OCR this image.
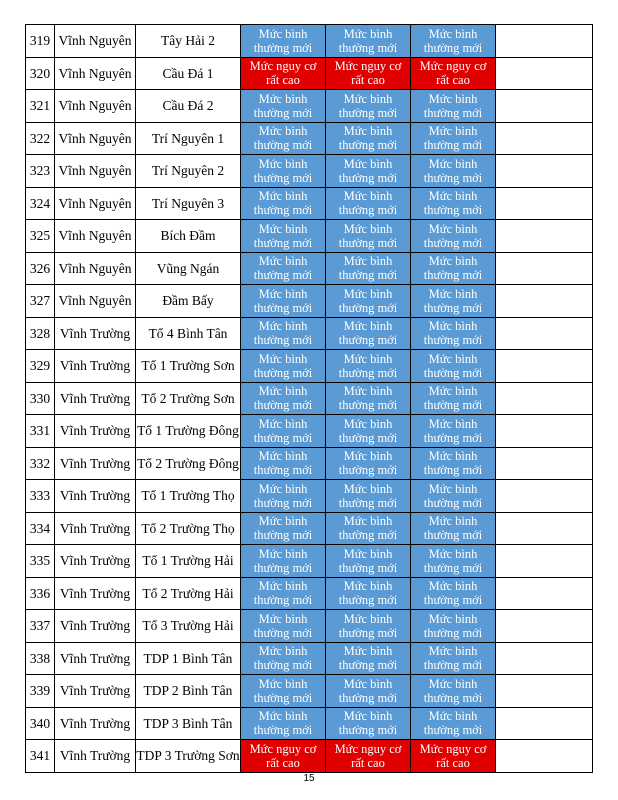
319	Vĩnh Nguyên	Tây Hải 2	Mức bình
thường mới	Mức bình
thường mới	Mức bình
thường mới	
320	Vĩnh Nguyên	Cầu Đá 1	Mức nguy cơ
rất cao	Mức nguy cơ
rất cao	Mức nguy cơ
rất cao	
321	Vĩnh Nguyên	Cầu Đá 2	Mức bình
thường mới	Mức bình
thường mới	Mức bình
thường mới	
322	Vĩnh Nguyên	Trí Nguyên 1	Mức bình
thường mới	Mức bình
thường mới	Mức bình
thường mới	
323	Vĩnh Nguyên	Trí Nguyên 2	Mức bình
thường mới	Mức bình
thường mới	Mức bình
thường mới	
324	Vĩnh Nguyên	Trí Nguyên 3	Mức bình
thường mới	Mức bình
thường mới	Mức bình
thường mới	
325	Vĩnh Nguyên	Bích Đầm	Mức bình
thường mới	Mức bình
thường mới	Mức bình
thường mới	
326	Vĩnh Nguyên	Vũng Ngán	Mức bình
thường mới	Mức bình
thường mới	Mức bình
thường mới	
327	Vĩnh Nguyên	Đầm Bấy	Mức bình
thường mới	Mức bình
thường mới	Mức bình
thường mới	
328	Vĩnh Trường	Tổ 4 Bình Tân	Mức bình
thường mới	Mức bình
thường mới	Mức bình
thường mới	
329	Vĩnh Trường	Tổ 1 Trường Sơn	Mức bình
thường mới	Mức bình
thường mới	Mức bình
thường mới	
330	Vĩnh Trường	Tổ 2 Trường Sơn	Mức bình
thường mới	Mức bình
thường mới	Mức bình
thường mới	
331	Vĩnh Trường	Tổ 1 Trường Đông	Mức bình
thường mới	Mức bình
thường mới	Mức bình
thường mới	
332	Vĩnh Trường	Tổ 2 Trường Đông	Mức bình
thường mới	Mức bình
thường mới	Mức bình
thường mới	
333	Vĩnh Trường	Tổ 1 Trường Thọ	Mức bình
thường mới	Mức bình
thường mới	Mức bình
thường mới	
334	Vĩnh Trường	Tổ 2 Trường Thọ	Mức bình
thường mới	Mức bình
thường mới	Mức bình
thường mới	
335	Vĩnh Trường	Tổ 1 Trường Hải	Mức bình
thường mới	Mức bình
thường mới	Mức bình
thường mới	
336	Vĩnh Trường	Tổ 2 Trường Hải	Mức bình
thường mới	Mức bình
thường mới	Mức bình
thường mới	
337	Vĩnh Trường	Tổ 3 Trường Hải	Mức bình
thường mới	Mức bình
thường mới	Mức bình
thường mới	
338	Vĩnh Trường	TDP 1 Bình Tân	Mức bình
thường mới	Mức bình
thường mới	Mức bình
thường mới	
339	Vĩnh Trường	TDP 2 Bình Tân	Mức bình
thường mới	Mức bình
thường mới	Mức bình
thường mới	
340	Vĩnh Trường	TDP 3 Bình Tân	Mức bình
thường mới	Mức bình
thường mới	Mức bình
thường mới	
341	Vĩnh Trường	TDP 3 Trường Sơn	Mức nguy cơ
rất cao	Mức nguy cơ
rất cao	Mức nguy cơ
rất cao	
15
